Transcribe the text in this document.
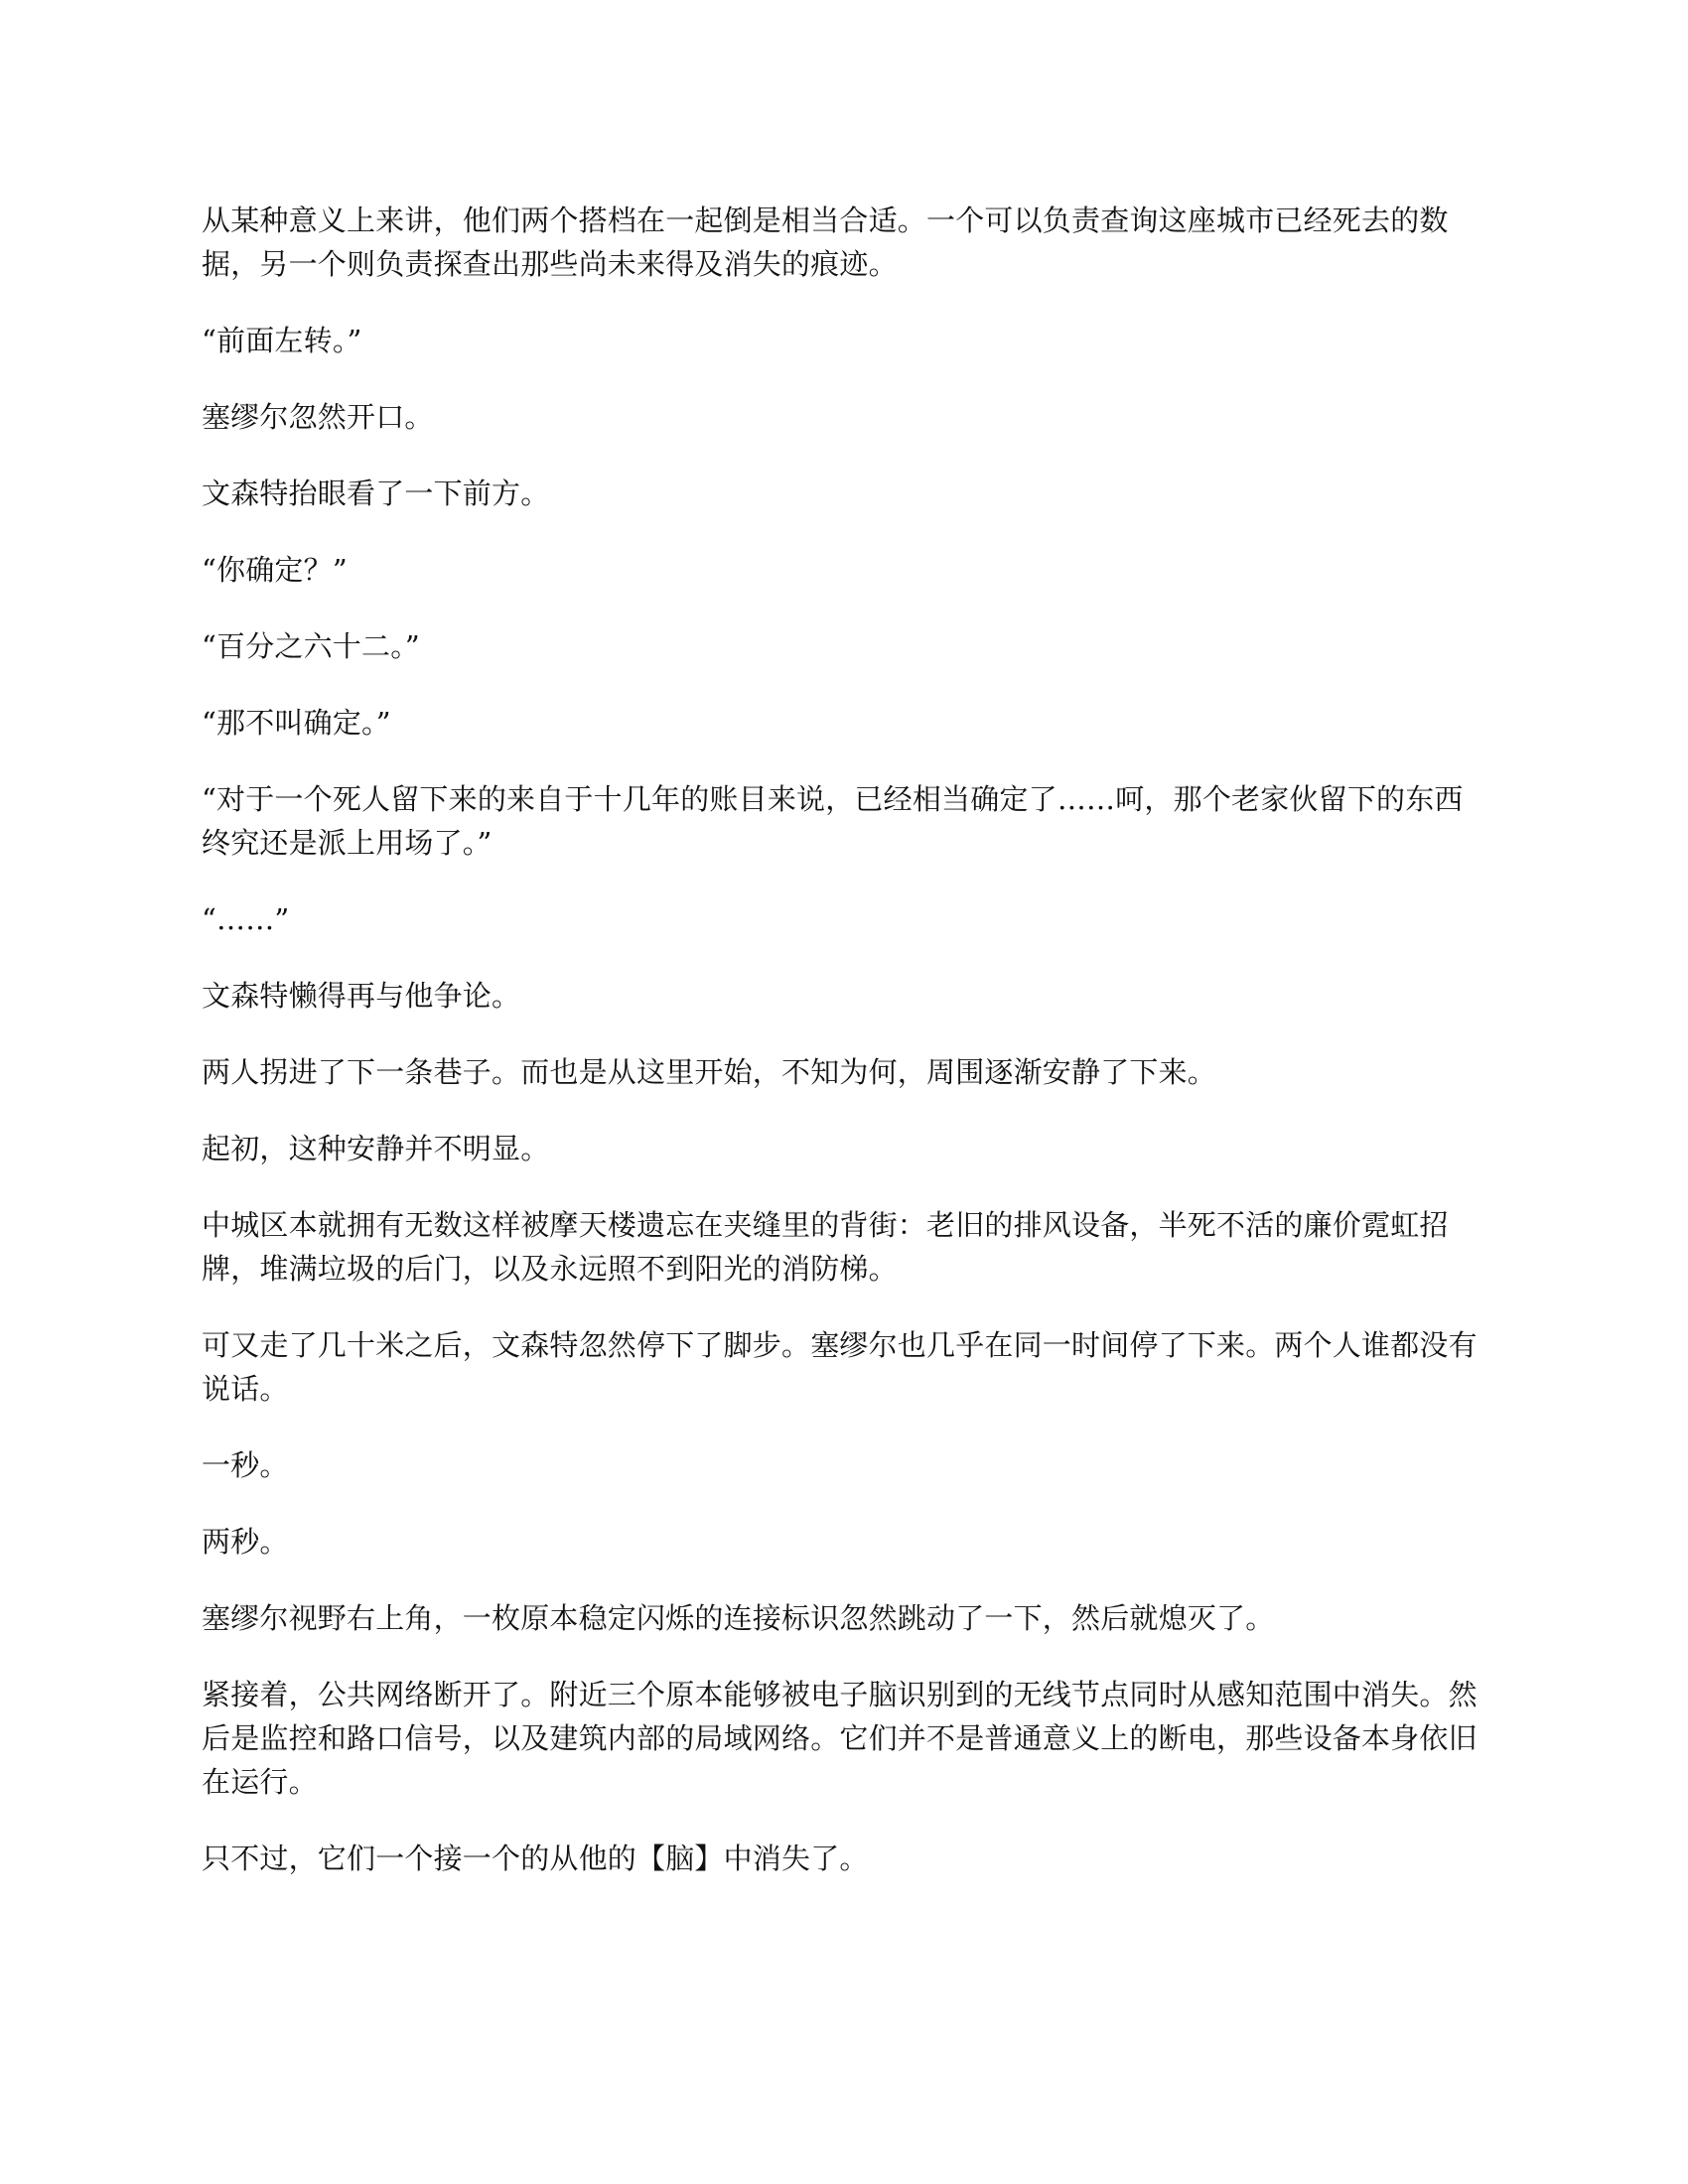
从某种意义上来讲，他们两个搭档在一起倒是相当合适。一个可以负责查询这座城市已经死去的数据，另一个则负责探查出那些尚未来得及消失的痕迹。

“前面左转。”

塞缪尔忽然开口。

文森特抬眼看了一下前方。

“你确定？”

“百分之六十二。”

“那不叫确定。”

“对于一个死人留下来的来自于十几年的账目来说，已经相当确定了……呵，那个老家伙留下的东西终究还是派上用场了。”

“……”

文森特懒得再与他争论。

两人拐进了下一条巷子。而也是从这里开始，不知为何，周围逐渐安静了下来。

起初，这种安静并不明显。

中城区本就拥有无数这样被摩天楼遗忘在夹缝里的背街：老旧的排风设备，半死不活的廉价霓虹招牌，堆满垃圾的后门，以及永远照不到阳光的消防梯。

可又走了几十米之后，文森特忽然停下了脚步。塞缪尔也几乎在同一时间停了下来。两个人谁都没有说话。

一秒。

两秒。

塞缪尔视野右上角，一枚原本稳定闪烁的连接标识忽然跳动了一下，然后就熄灭了。

紧接着，公共网络断开了。附近三个原本能够被电子脑识别到的无线节点同时从感知范围中消失。然后是监控和路口信号，以及建筑内部的局域网络。它们并不是普通意义上的断电，那些设备本身依旧在运行。

只不过，它们一个接一个的从他的【脑】中消失了。
